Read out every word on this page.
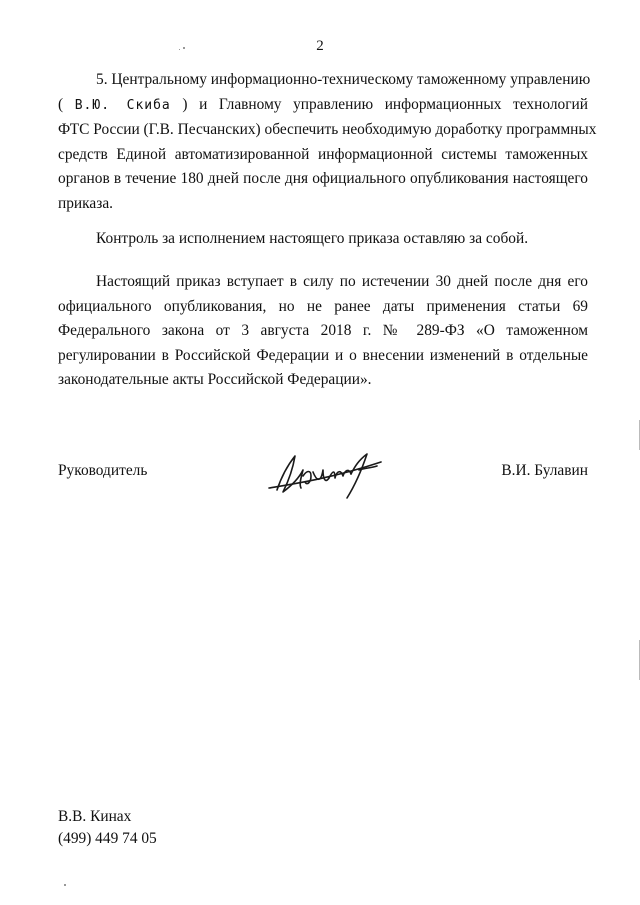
2
5. Центральному информационно-техническому таможенному управлению
( В.Ю. Скиба ) и Главному управлению информационных технологий
ФТС России (Г.В. Песчанских) обеспечить необходимую доработку программных
средств Единой автоматизированной информационной системы таможенных
органов в течение 180 дней после дня официального опубликования настоящего
приказа.
Контроль за исполнением настоящего приказа оставляю за собой.
Настоящий приказ вступает в силу по истечении 30 дней после дня его
официального опубликования, но не ранее даты применения статьи 69
Федерального закона от 3 августа 2018 г. № 289-ФЗ «О таможенном
регулировании в Российской Федерации и о внесении изменений в отдельные
законодательные акты Российской Федерации».
Руководитель	В.И. Булавин
В.В. Кинах
(499) 449 74 05
